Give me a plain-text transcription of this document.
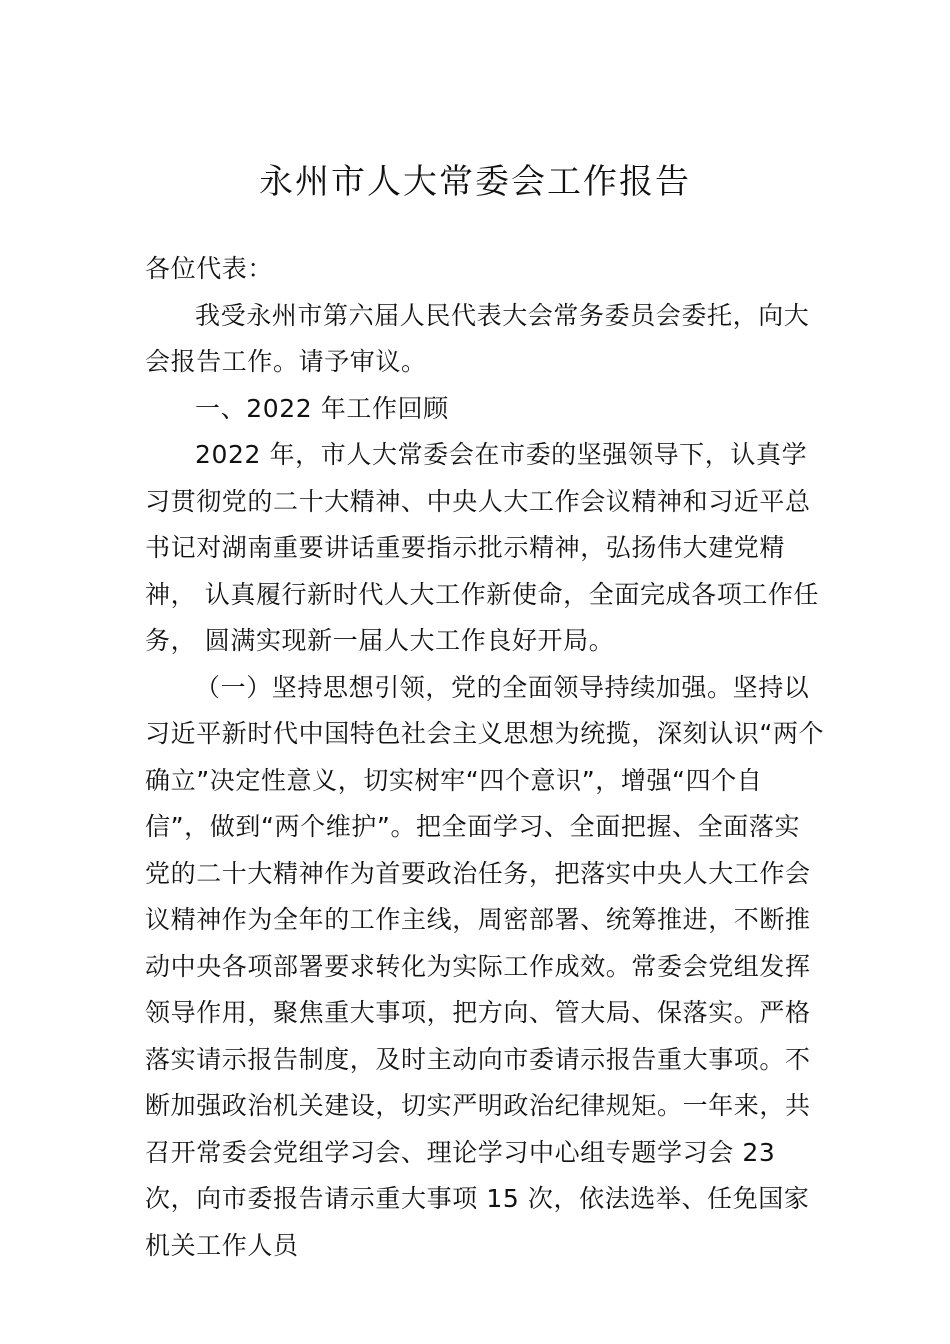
永州市人大常委会工作报告

各位代表：

我受永州市第六届人民代表大会常务委员会委托，向大会报告工作。请予审议。

一、2022 年工作回顾

2022 年，市人大常委会在市委的坚强领导下，认真学习贯彻党的二十大精神、中央人大工作会议精神和习近平总书记对湖南重要讲话重要指示批示精神，弘扬伟大建党精神， 认真履行新时代人大工作新使命，全面完成各项工作任务， 圆满实现新一届人大工作良好开局。

（一）坚持思想引领，党的全面领导持续加强。坚持以习近平新时代中国特色社会主义思想为统揽，深刻认识“两个确立”决定性意义，切实树牢“四个意识”，增强“四个自信”，做到“两个维护”。把全面学习、全面把握、全面落实党的二十大精神作为首要政治任务，把落实中央人大工作会议精神作为全年的工作主线，周密部署、统筹推进，不断推动中央各项部署要求转化为实际工作成效。常委会党组发挥领导作用，聚焦重大事项，把方向、管大局、保落实。严格落实请示报告制度，及时主动向市委请示报告重大事项。不断加强政治机关建设，切实严明政治纪律规矩。一年来，共召开常委会党组学习会、理论学习中心组专题学习会 23 次，向市委报告请示重大事项 15 次，依法选举、任免国家机关工作人员
